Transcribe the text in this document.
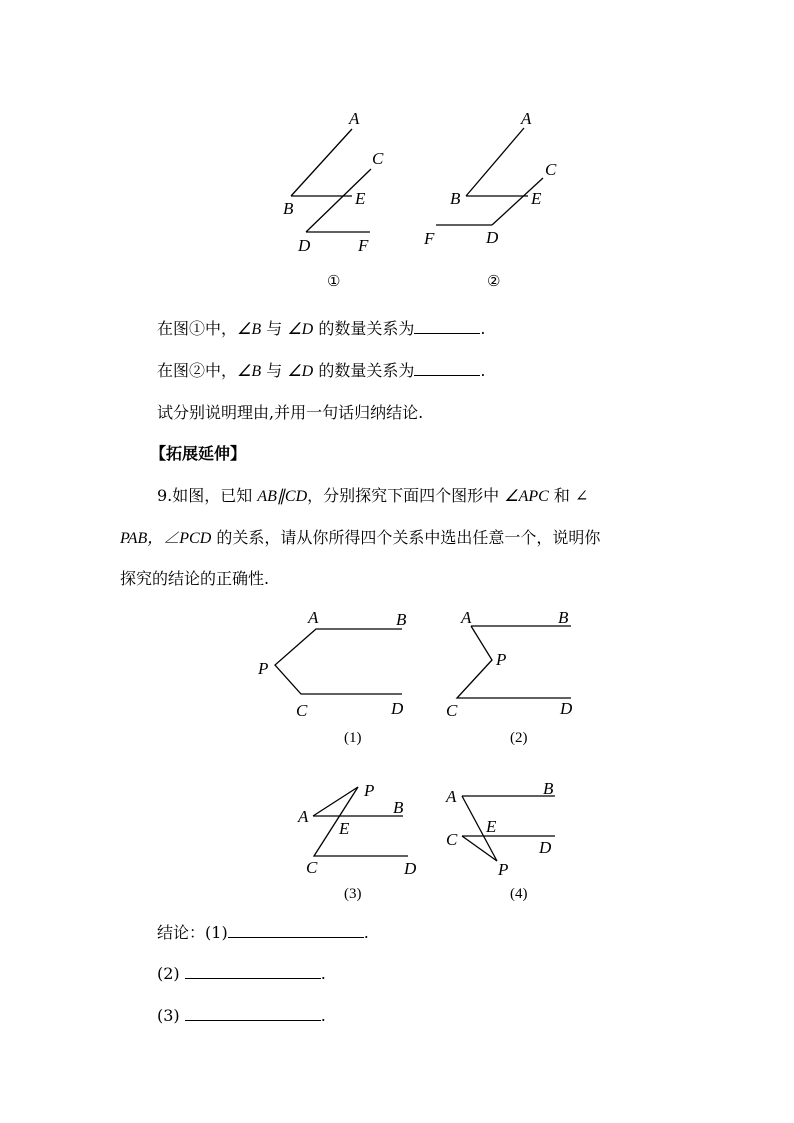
A
C
B
E
D	F
①
A
C
B	E
F	D
②
在图①中，∠B 与 ∠D 的数量关系为	.
在图②中，∠B 与 ∠D 的数量关系为	.
试分别说明理由,并用一句话归纳结论.
【拓展延伸】
9.如图，已知 AB∥CD，分别探究下面四个图形中 ∠APC 和 ∠
PAB，∠PCD 的关系，请从你所得四个关系中选出任意一个，说明你
探究的结论的正确性.
A	B
P
C	D
(1)
A	B
P
C	D
(2)
P
B
A
E
C	D
(3)
A	B
E
C	D
P
(4)
结论：(1)	.
(2)	.
(3)	.
